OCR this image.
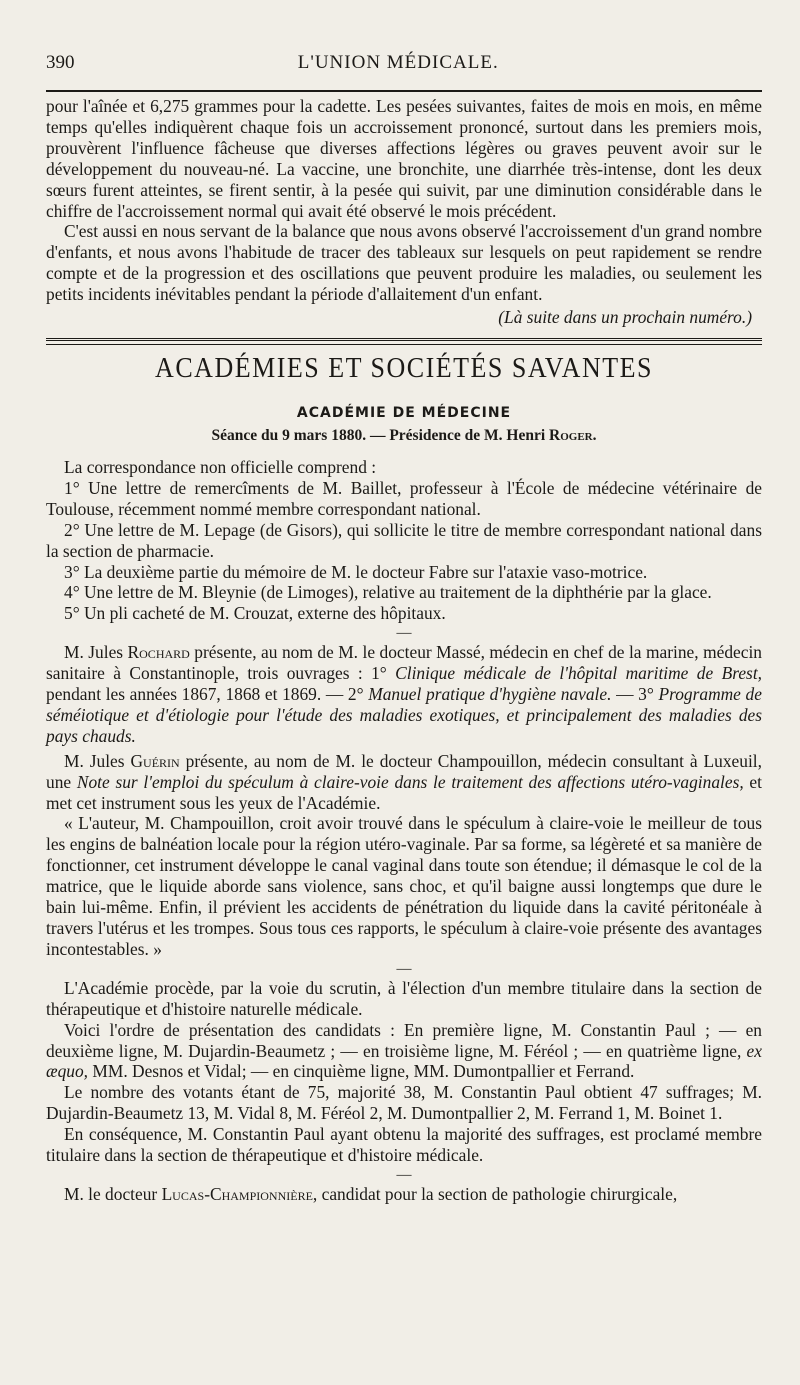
390	L'UNION MÉDICALE.

pour l'aînée et 6,275 grammes pour la cadette. Les pesées suivantes, faites de mois en mois, en même temps qu'elles indiquèrent chaque fois un accroissement prononcé, surtout dans les premiers mois, prouvèrent l'influence fâcheuse que diverses affections légères ou graves peuvent avoir sur le développement du nouveau-né. La vaccine, une bronchite, une diarrhée très-intense, dont les deux sœurs furent atteintes, se firent sentir, à la pesée qui suivit, par une diminution considérable dans le chiffre de l'accroissement normal qui avait été observé le mois précédent.

C'est aussi en nous servant de la balance que nous avons observé l'accroissement d'un grand nombre d'enfants, et nous avons l'habitude de tracer des tableaux sur lesquels on peut rapidement se rendre compte et de la progression et des oscillations que peuvent produire les maladies, ou seulement les petits incidents inévitables pendant la période d'allaitement d'un enfant.

(Là suite dans un prochain numéro.)

ACADÉMIES ET SOCIÉTÉS SAVANTES
ACADÉMIE DE MÉDECINE
Séance du 9 mars 1880. — Présidence de M. Henri Roger.

La correspondance non officielle comprend :

1° Une lettre de remercîments de M. Baillet, professeur à l'École de médecine vétérinaire de Toulouse, récemment nommé membre correspondant national.

2° Une lettre de M. Lepage (de Gisors), qui sollicite le titre de membre correspondant national dans la section de pharmacie.

3° La deuxième partie du mémoire de M. le docteur Fabre sur l'ataxie vaso-motrice.

4° Une lettre de M. Bleynie (de Limoges), relative au traitement de la diphthérie par la glace.

5° Un pli cacheté de M. Crouzat, externe des hôpitaux.

—

M. Jules Rochard présente, au nom de M. le docteur Massé, médecin en chef de la marine, médecin sanitaire à Constantinople, trois ouvrages : 1° Clinique médicale de l'hôpital maritime de Brest, pendant les années 1867, 1868 et 1869. — 2° Manuel pratique d'hygiène navale. — 3° Programme de séméiotique et d'étiologie pour l'étude des maladies exotiques, et principalement des maladies des pays chauds.

M. Jules Guérin présente, au nom de M. le docteur Champouillon, médecin consultant à Luxeuil, une Note sur l'emploi du spéculum à claire-voie dans le traitement des affections utéro-vaginales, et met cet instrument sous les yeux de l'Académie.

« L'auteur, M. Champouillon, croit avoir trouvé dans le spéculum à claire-voie le meilleur de tous les engins de balnéation locale pour la région utéro-vaginale. Par sa forme, sa légèreté et sa manière de fonctionner, cet instrument développe le canal vaginal dans toute son étendue; il démasque le col de la matrice, que le liquide aborde sans violence, sans choc, et qu'il baigne aussi longtemps que dure le bain lui-même. Enfin, il prévient les accidents de pénétration du liquide dans la cavité péritonéale à travers l'utérus et les trompes. Sous tous ces rapports, le spéculum à claire-voie présente des avantages incontestables. »

—

L'Académie procède, par la voie du scrutin, à l'élection d'un membre titulaire dans la section de thérapeutique et d'histoire naturelle médicale.

Voici l'ordre de présentation des candidats : En première ligne, M. Constantin Paul ; — en deuxième ligne, M. Dujardin-Beaumetz ; — en troisième ligne, M. Féréol ; — en quatrième ligne, ex æquo, MM. Desnos et Vidal; — en cinquième ligne, MM. Dumontpallier et Ferrand.

Le nombre des votants étant de 75, majorité 38, M. Constantin Paul obtient 47 suffrages; M. Dujardin-Beaumetz 13, M. Vidal 8, M. Féréol 2, M. Dumontpallier 2, M. Ferrand 1, M. Boinet 1.

En conséquence, M. Constantin Paul ayant obtenu la majorité des suffrages, est proclamé membre titulaire dans la section de thérapeutique et d'histoire médicale.

—

M. le docteur Lucas-Championnière, candidat pour la section de pathologie chirurgicale,
